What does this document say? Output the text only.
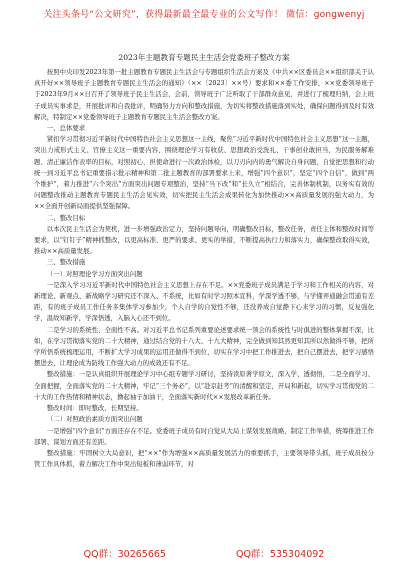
关注头条号“公文研究”，获得最新最全最专业的公文写作！ 微信：gongwenyj
2023年主题教育专题民主生活会党委班子整改方案

按照中央印发2023年第一批主题教育专题民主生活会与专题组织生活会方案及《中共××区委员会××组织部关于认真开好××领导班子主题教育专题民主生活会的通知》（××〔2023〕××号）要求和××委工作安排，××党委领导班子于2023年9月××日召开了领导班子民主生活会，会前，领导班子广泛听取了干部群众意见，并进行了梳理归纳，会上班子成员实事求是，开展批评和自我批评，明确努力方向和整改措施，为切实将整改措施落到实处，确保问题得到及时有效解决，特制定××党委领导班子主题教育专题民主生活会整改方案。

一、总体要求

紧扣学习贯彻习近平新时代中国特色社会主义思想这一主线，聚焦“习近平新时代中国特色社会主义思想”这一主题，突出力戒形式主义、官僚主义这一重要内容，围绕理论学习有收获、思想政治受洗礼、干事创业敢担当、为民服务解难题、清正廉洁作表率的目标，对照初心，担使命进行一次政治体检，以刀刃向内的勇气解决自身问题，自觉把思想和行动统一到习近平总书记重要指示批示精神和第二批主题教育的部署要求上来，增强“四个意识”，坚定“四个自信”，做到“两个维护”，着力推进“六个突出”方面突出问题专项整治，坚持“当下改”和“长久立”相结合，完善体制机制，以务实有效的问题整改推动主题教育专题民主生活会见实效，切实把民主生活会成果转化为加快推动××高质量发展的强大动力，为××全面开创新局面提供坚强保障。

二、整改目标

以本次民主生活会为契机，进一步增强政治定力，坚持问题导向，明确整改目标，整改任务，责任主体和整改时间等要求，以“钉钉子”精神抓整改，以更高标准、更严的要求、更实的举措，不断提高执行力和落实力，确保整改取得实效，推动××高质量发展。

三、整改措施

（一）对照理论学习方面突出问题

一是深入学习习近平新时代中国特色社会主义思想上存在不足。××党委班子成员满足于学习和工作相关的内容，对新理论、新观点、新战略学习研究还不深入、不系统，比如有时学习照本宣科，学深学透不够，与学懂弄通融会贯通有差距，有的班子成员工作任务多集体学习参加少，个人自学的自觉性不够，还没养成自觉静下心来学习的习惯，反复强化学，温故知新学，学深悟透，入脑入心还不到位。

二是学习的系统性、全面性不高。对习近平总书记系列重要论述要求统一领会的系统性与时俱进的整体掌握不深，比如，在学习贯彻落实党的二十大精神，通过结合党的十八大、十九大精神，完全做到知其然更知其所以然做得不够，把所学所悟系统梳理运用，不断扩大学习成果的运用还做得不到位，切实在学习中把工作推进去，把自己摆进去，把学习感悟摆进去，让理论成为防线工作强大动力的成效还有不足。

整改措施：一是认真组织开展理论学习中心组专题学习研讨，坚持读原著学原文，深入学、透彻悟，二是全面学习、全面把握，全面落实党的二十大精神，牢记“三个务必”，以“赴京赶考”的清醒和坚定，开局和新起，切实学习贯彻党的二十大的工作热情和精神状态，撸起袖子加油干，全面落实新时代××发展改革新任务。

整改时间：即时整改、长期坚持。

（二）对照政治素质方面突出问题

一是增强“四个意识”方面还存在不足。党委班子成员有时自觉从大局上谋划发展战略，制定工作举措，统筹推进工作部署、谋划方面还有差距。

整改措施：牢固树立大局意识，把“××”作为增强××高质量发展活力的重要抓手，主要领导带头抓，班子成员按分管工作具体抓，着力解决工作中突出短板和薄弱环节，对

QQ群：30265665	QQ群：535304092
